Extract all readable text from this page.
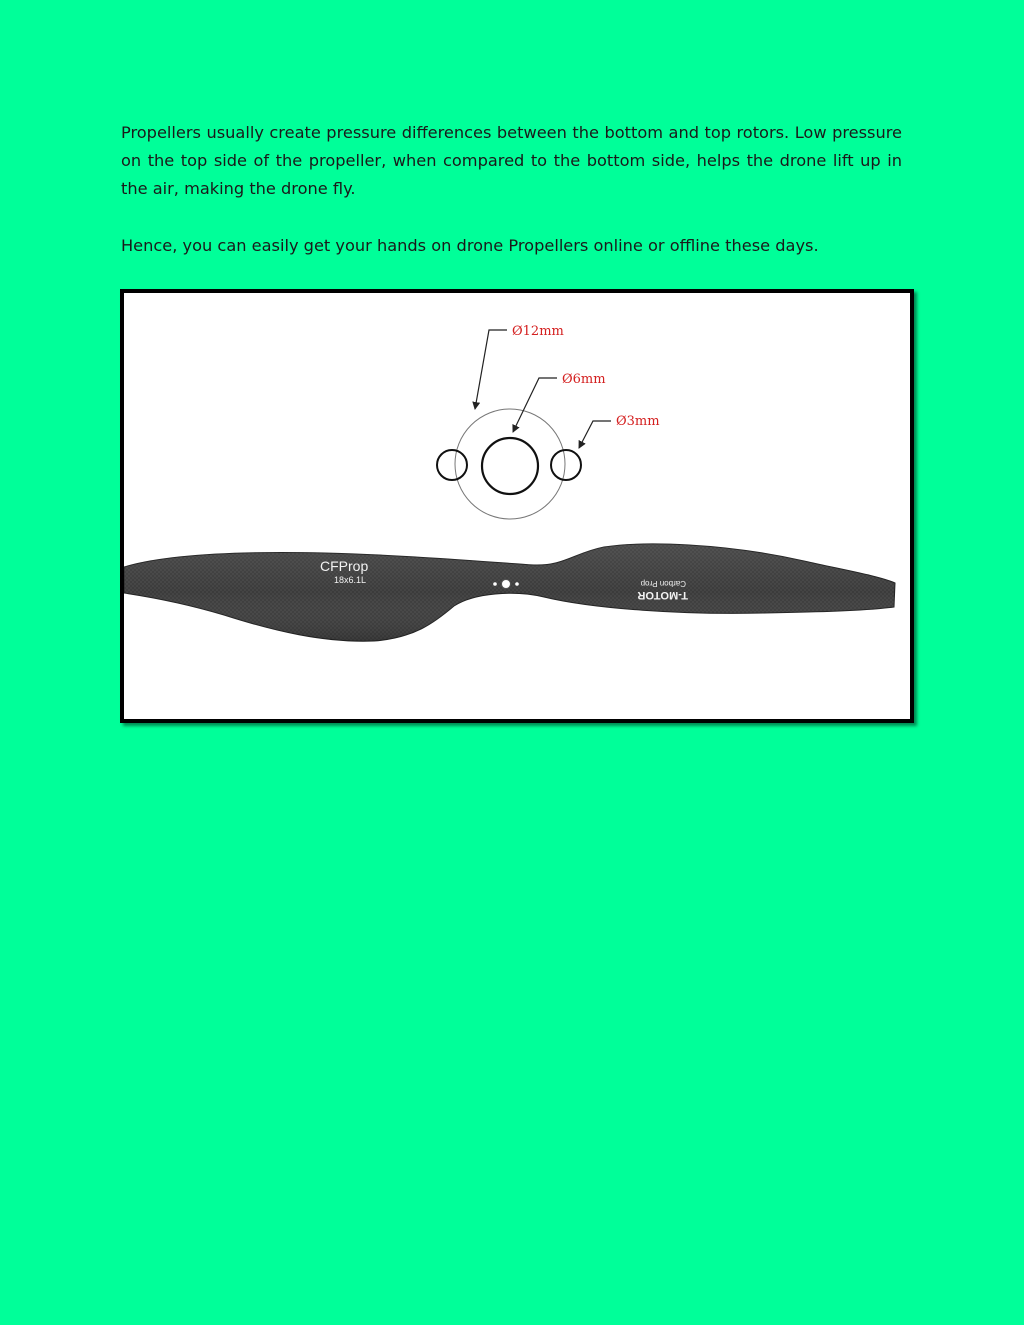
Propellers usually create pressure differences between the bottom and top rotors. Low pressure on the top side of the propeller, when compared to the bottom side, helps the drone lift up in the air, making the drone fly.

Hence, you can easily get your hands on drone Propellers online or offline these days.

Ø12mm
Ø6mm
Ø3mm
CFProp
18x6.1L
T-MOTOR
Carbon Prop
